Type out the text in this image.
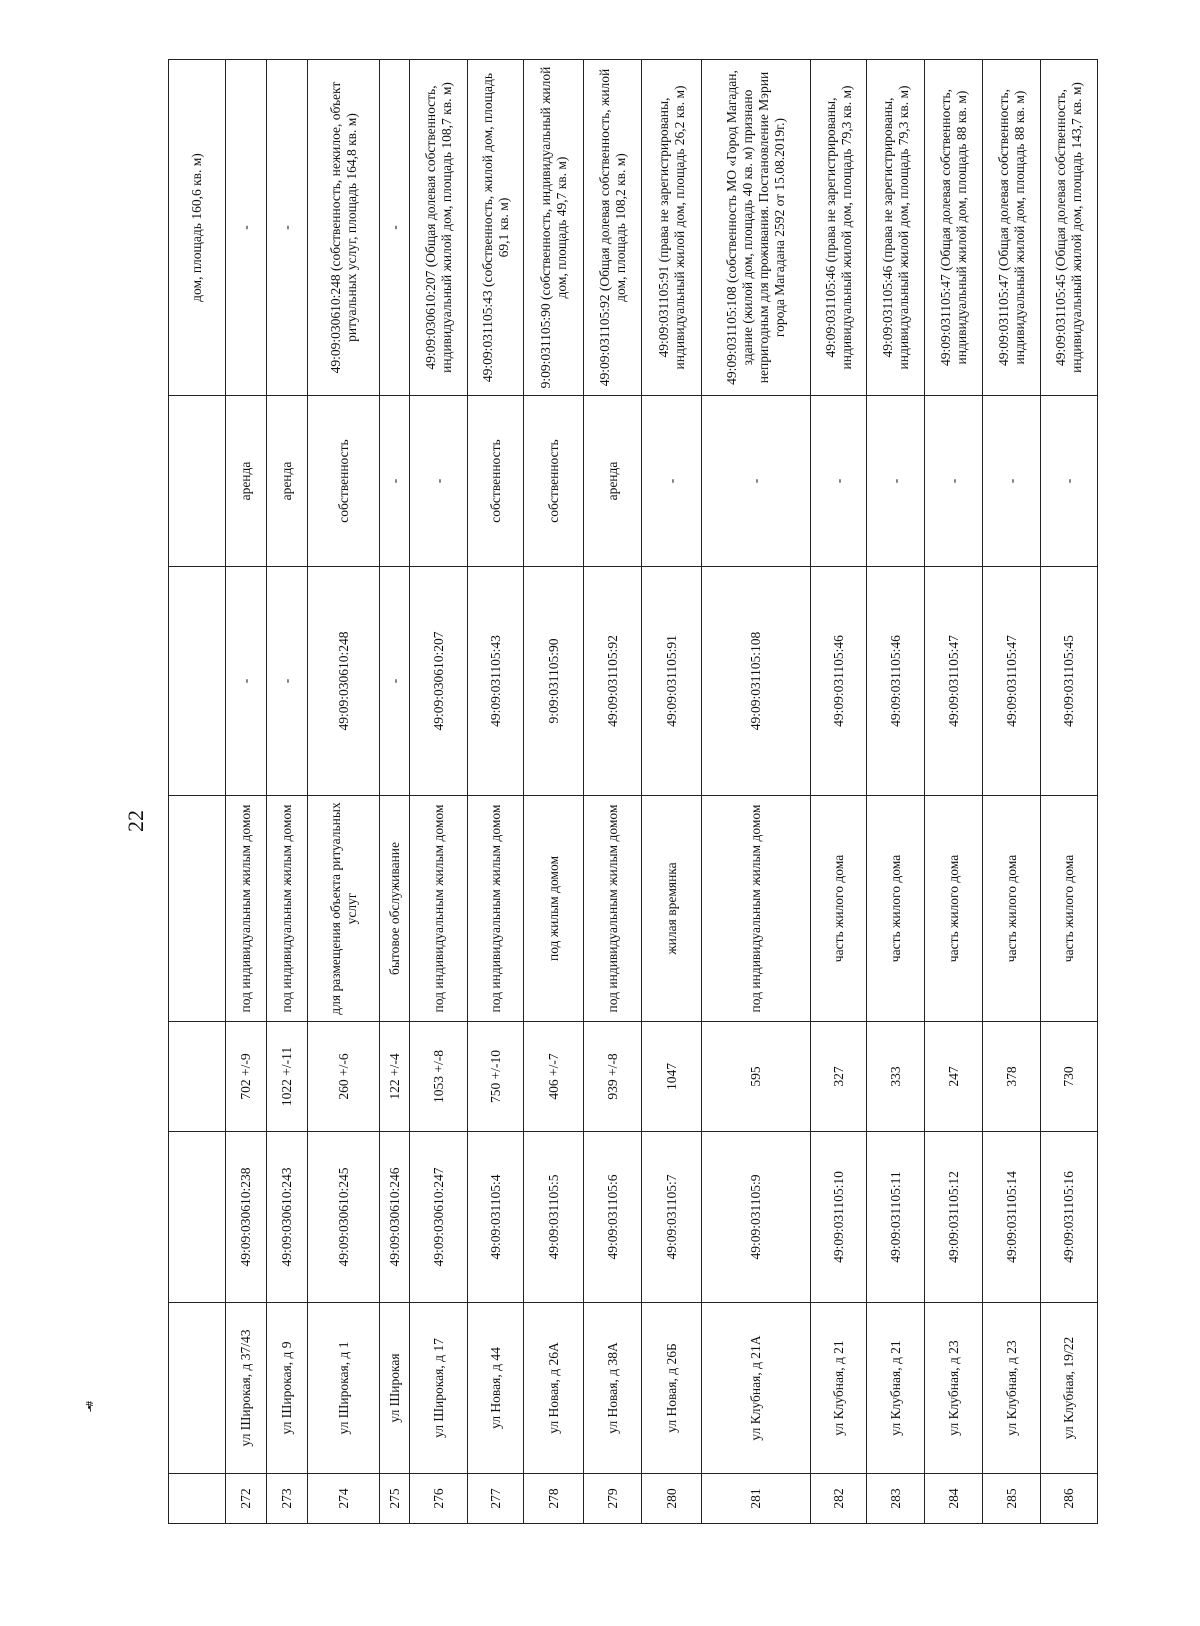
22
-•#
							дом, площадь 160,6 кв. м)
272	ул Широкая, д 37/43	49:09:030610:238	702 +/-9	под индивидуальным жилым домом	-	аренда	-
273	ул Широкая, д 9	49:09:030610:243	1022 +/-11	под индивидуальным жилым домом	-	аренда	-
274	ул Широкая, д 1	49:09:030610:245	260 +/-6	для размещения объекта ритуальных услуг	49:09:030610:248	собственность	49:09:030610:248 (собственность, нежилое, объект ритуальных услуг, площадь 164,8 кв. м)
275	ул Широкая	49:09:030610:246	122 +/-4	бытовое обслуживание	-	-	-
276	ул Широкая, д 17	49:09:030610:247	1053 +/-8	под индивидуальным жилым домом	49:09:030610:207	-	49:09:030610:207 (Общая долевая собственность, индивидуальный жилой дом, площадь 108,7 кв. м)
277	ул Новая, д 44	49:09:031105:4	750 +/-10	под индивидуальным жилым домом	49:09:031105:43	собственность	49:09:031105:43 (собственность, жилой дом, площадь 69,1 кв. м)
278	ул Новая, д 26А	49:09:031105:5	406 +/-7	под жилым домом	9:09:031105:90	собственность	9:09:031105:90 (собственность, индивидуальный жилой дом, площадь 49,7 кв. м)
279	ул Новая, д 38А	49:09:031105:6	939 +/-8	под индивидуальным жилым домом	49:09:031105:92	аренда	49:09:031105:92 (Общая долевая собственность, жилой дом, площадь 108,2 кв. м)
280	ул Новая, д 26Б	49:09:031105:7	1047	жилая времянка	49:09:031105:91	-	49:09:031105:91 (права не зарегистрированы, индивидуальный жилой дом, площадь 26,2 кв. м)
281	ул Клубная, д 21А	49:09:031105:9	595	под индивидуальным жилым домом	49:09:031105:108	-	49:09:031105:108 (собственность МО «Город Магадан, здание (жилой дом, площадь 40 кв. м) признано непригодным для проживания. Постановление Мэрии города Магадана 2592 от 15.08.2019г.)
282	ул Клубная, д 21	49:09:031105:10	327	часть жилого дома	49:09:031105:46	-	49:09:031105:46 (права не зарегистрированы, индивидуальный жилой дом, площадь 79,3 кв. м)
283	ул Клубная, д 21	49:09:031105:11	333	часть жилого дома	49:09:031105:46	-	49:09:031105:46 (права не зарегистрированы, индивидуальный жилой дом, площадь 79,3 кв. м)
284	ул Клубная, д 23	49:09:031105:12	247	часть жилого дома	49:09:031105:47	-	49:09:031105:47 (Общая долевая собственность, индивидуальный жилой дом, площадь 88 кв. м)
285	ул Клубная, д 23	49:09:031105:14	378	часть жилого дома	49:09:031105:47	-	49:09:031105:47 (Общая долевая собственность, индивидуальный жилой дом, площадь 88 кв. м)
286	ул Клубная, 19/22	49:09:031105:16	730	часть жилого дома	49:09:031105:45	-	49:09:031105:45 (Общая долевая собственность, индивидуальный жилой дом, площадь 143,7 кв. м)
